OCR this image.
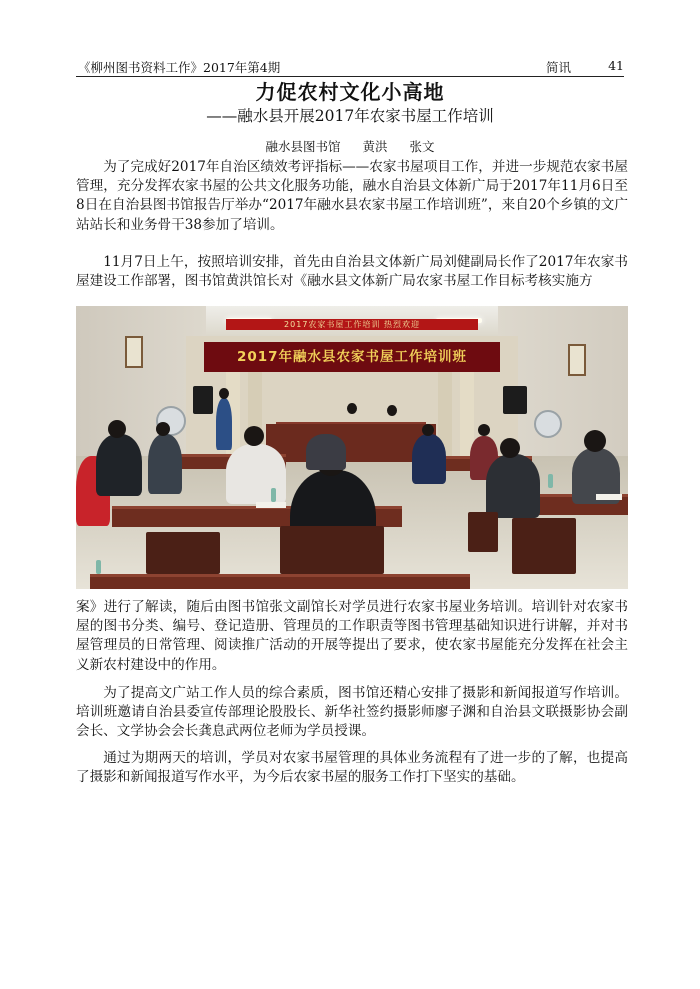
《柳州图书资料工作》2017年第4期	简讯	41
力促农村文化小高地
——融水县开展2017年农家书屋工作培训
融水县图书馆 黄洪 张文

为了完成好2017年自治区绩效考评指标——农家书屋项目工作，并进一步规范农家书屋管理，充分发挥农家书屋的公共文化服务功能，融水自治县文体新广局于2017年11月6日至8日在自治县图书馆报告厅举办“2017年融水县农家书屋工作培训班”，来自20个乡镇的文广站站长和业务骨干38参加了培训。

11月7日上午，按照培训安排，首先由自治县文体新广局刘健副局长作了2017年农家书屋建设工作部署，图书馆黄洪馆长对《融水县文体新广局农家书屋工作目标考核实施方

2017农家书屋工作培训 热烈欢迎
2017年融水县农家书屋工作培训班

案》进行了解读，随后由图书馆张文副馆长对学员进行农家书屋业务培训。培训针对农家书屋的图书分类、编号、登记造册、管理员的工作职责等图书管理基础知识进行讲解，并对书屋管理员的日常管理、阅读推广活动的开展等提出了要求，使农家书屋能充分发挥在社会主义新农村建设中的作用。

为了提高文广站工作人员的综合素质，图书馆还精心安排了摄影和新闻报道写作培训。培训班邀请自治县委宣传部理论股股长、新华社签约摄影师廖子渊和自治县文联摄影协会副会长、文学协会会长龚息武两位老师为学员授课。

通过为期两天的培训，学员对农家书屋管理的具体业务流程有了进一步的了解，也提高了摄影和新闻报道写作水平，为今后农家书屋的服务工作打下坚实的基础。
